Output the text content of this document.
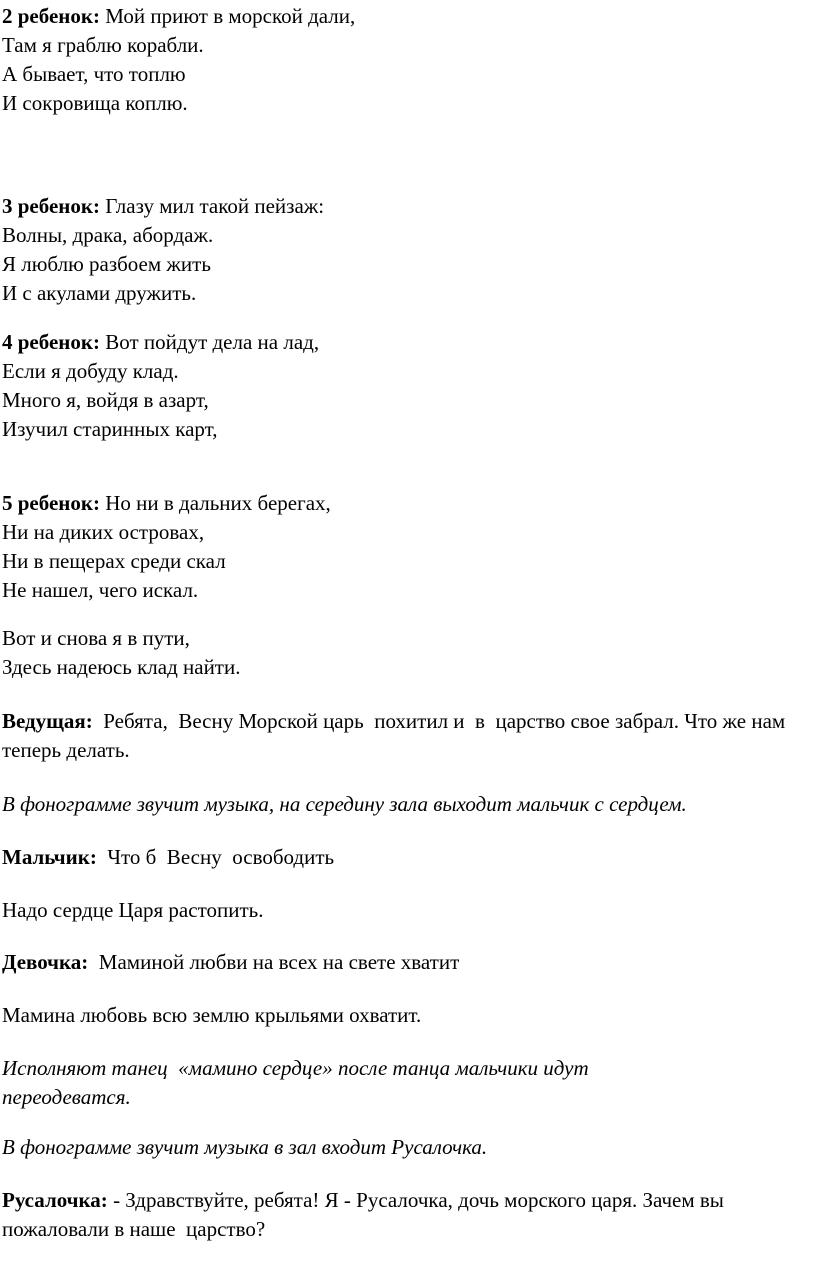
2 ребенок: Мой приют в морской дали,
Там я граблю корабли.
А бывает, что топлю
И сокровища коплю.
3 ребенок: Глазу мил такой пейзаж:
Волны, драка, абордаж.
Я люблю разбоем жить
И с акулами дружить.
4 ребенок: Вот пойдут дела на лад,
Если я добуду клад.
Много я, войдя в азарт,
Изучил старинных карт,
5 ребенок: Но ни в дальних берегах,
Ни на диких островах,
Ни в пещерах среди скал
Не нашел, чего искал.
Вот и снова я в пути,
Здесь надеюсь клад найти.
Ведущая:  Ребята,  Весну Морской царь  похитил и  в  царство свое забрал. Что же нам теперь делать.
В фонограмме звучит музыка, на середину зала выходит мальчик с сердцем.
Мальчик:  Что б  Весну  освободить
Надо сердце Царя растопить.
Девочка:  Маминой любви на всех на свете хватит
Мамина любовь всю землю крыльями охватит.
Исполняют танец  «мамино сердце» после танца мальчики идут переодеватся.
В фонограмме звучит музыка в зал входит Русалочка.
Русалочка: - Здравствуйте, ребята! Я - Русалочка, дочь морского царя. Зачем вы пожаловали в наше  царство?
